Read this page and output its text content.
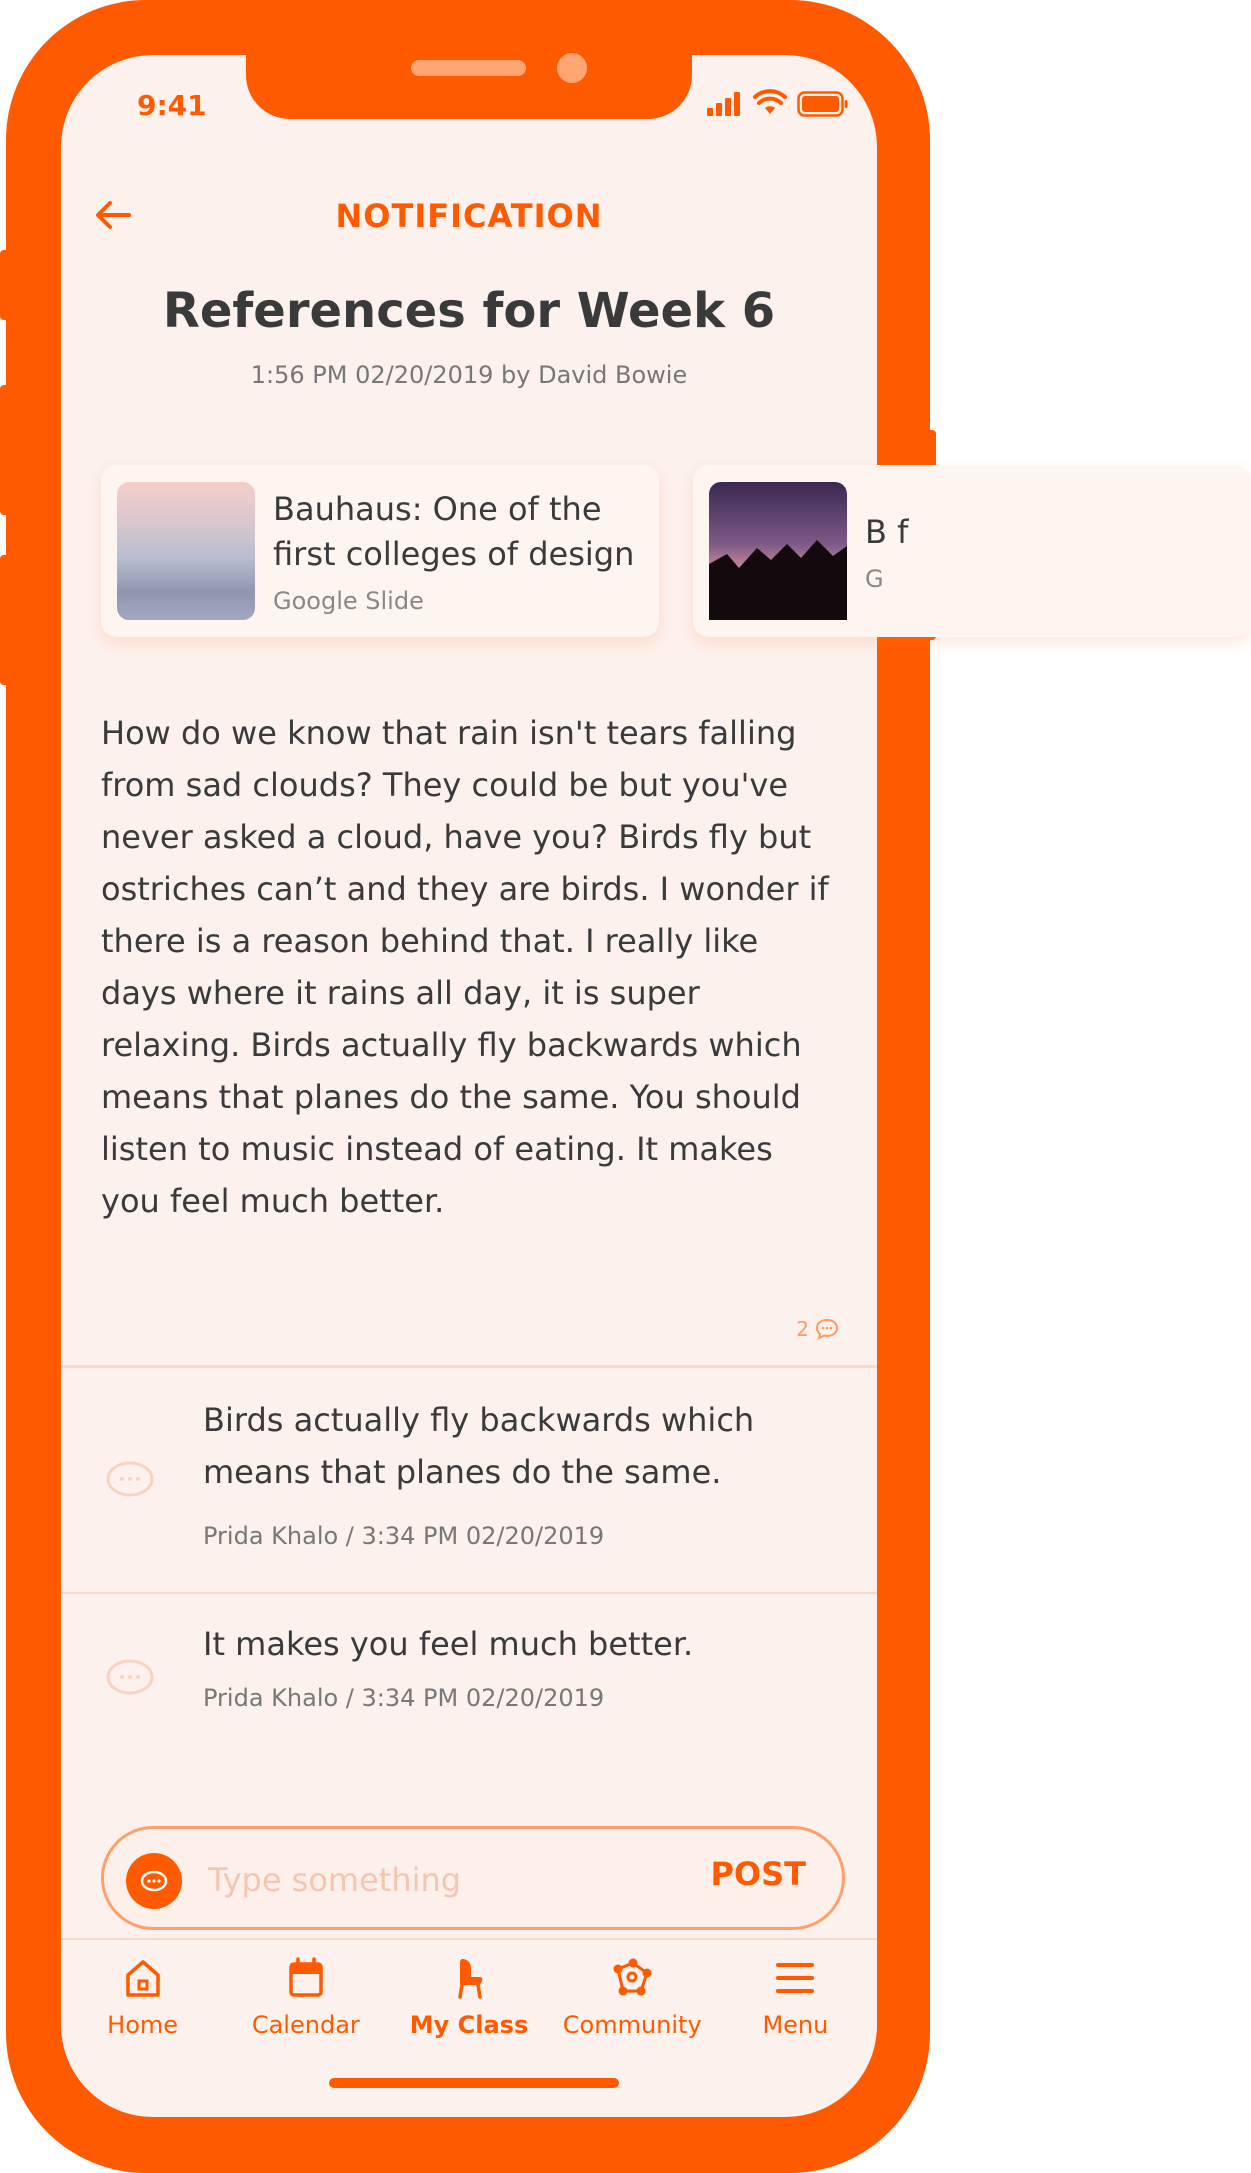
9:41
NOTIFICATION
References for Week 6
1:56 PM 02/20/2019 by David Bowie
Bauhaus: One of the first colleges of design
Google Slide
B f
G
How do we know that rain isn't tears falling from sad clouds? They could be but you've never asked a cloud, have you? Birds fly but ostriches can’t and they are birds. I wonder if there is a reason behind that. I really like days where it rains all day, it is super relaxing. Birds actually fly backwards which means that planes do the same. You should listen to music instead of eating. It makes you feel much better.
2
Birds actually fly backwards which means that planes do the same.
Prida Khalo / 3:34 PM 02/20/2019
It makes you feel much better.
Prida Khalo / 3:34 PM 02/20/2019
Type something
POST
Home	Calendar My Class Community	Menu
